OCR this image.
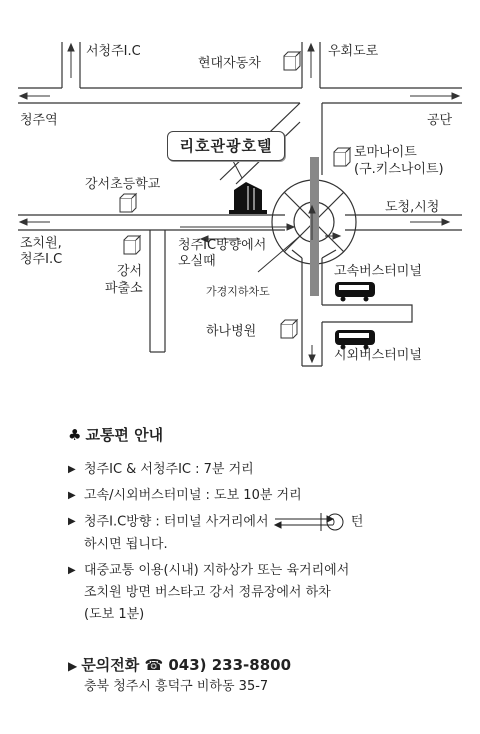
서청주I.C
현대자동차
우회도로
청주역	공단
리호관광호텔	로마나이트
(구.키스나이트)
강서초등학교
도청,시청
조치원,
청주I.C
청주IC방향에서
오실때
강서
파출소	가경지하차도
고속버스터미널
하나병원
시외버스터미널
♣ 교통편 안내
▶ 청주IC & 서청주IC : 7분 거리
▶ 고속/시외버스터미널 : 도보 10분 거리
▶ 청주I.C방향 : 터미널 사거리에서	턴
하시면 됩니다.
▶ 대중교통 이용(시내) 지하상가 또는 육거리에서
조치원 방면 버스타고 강서 정류장에서 하차
(도보 1분)
▶ 문의전화 ☎ 043) 233-8800
충북 청주시 흥덕구 비하동 35-7
